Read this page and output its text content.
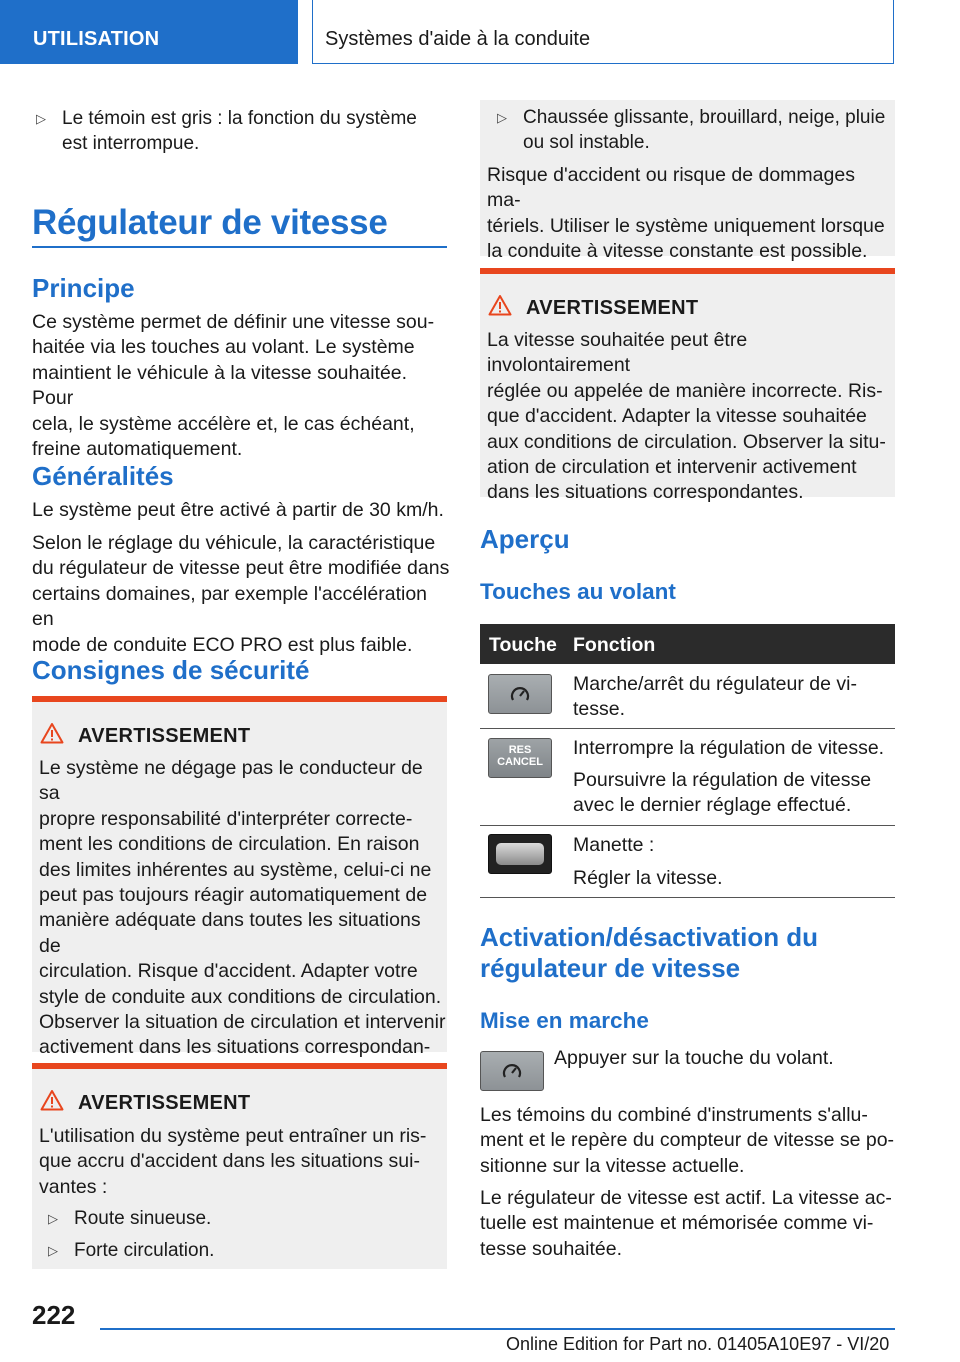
UTILISATION	Systèmes d'aide à la conduite
▷ Le témoin est gris : la fonction du système
est interrompue.
Régulateur de vitesse
Principe
Ce système permet de définir une vitesse sou-
haitée via les touches au volant. Le système
maintient le véhicule à la vitesse souhaitée. Pour
cela, le système accélère et, le cas échéant,
freine automatiquement.
Généralités
Le système peut être activé à partir de 30 km/h.
Selon le réglage du véhicule, la caractéristique
du régulateur de vitesse peut être modifiée dans
certains domaines, par exemple l'accélération en
mode de conduite ECO PRO est plus faible.
Consignes de sécurité
AVERTISSEMENT
Le système ne dégage pas le conducteur de sa
propre responsabilité d'interpréter correcte-
ment les conditions de circulation. En raison
des limites inhérentes au système, celui-ci ne
peut pas toujours réagir automatiquement de
manière adéquate dans toutes les situations de
circulation. Risque d'accident. Adapter votre
style de conduite aux conditions de circulation.
Observer la situation de circulation et intervenir
activement dans les situations correspondan-
AVERTISSEMENT
L'utilisation du système peut entraîner un ris-
que accru d'accident dans les situations sui-
vantes :
▷ Route sinueuse.
▷ Forte circulation.
▷ Chaussée glissante, brouillard, neige, pluie
ou sol instable.
Risque d'accident ou risque de dommages ma-
tériels. Utiliser le système uniquement lorsque
la conduite à vitesse constante est possible.
AVERTISSEMENT
La vitesse souhaitée peut être involontairement
réglée ou appelée de manière incorrecte. Ris-
que d'accident. Adapter la vitesse souhaitée
aux conditions de circulation. Observer la situ-
ation de circulation et intervenir activement
dans les situations correspondantes.
Aperçu
Touches au volant
Touche Fonction
Marche/arrêt du régulateur de vi-
tesse.
RES
CANCEL
Interrompre la régulation de vitesse.
Poursuivre la régulation de vitesse
avec le dernier réglage effectué.
Manette :
Régler la vitesse.
Activation/désactivation du
régulateur de vitesse
Mise en marche
Appuyer sur la touche du volant.
Les témoins du combiné d'instruments s'allu-
ment et le repère du compteur de vitesse se po-
sitionne sur la vitesse actuelle.
Le régulateur de vitesse est actif. La vitesse ac-
tuelle est maintenue et mémorisée comme vi-
tesse souhaitée.
222
Online Edition for Part no. 01405A10E97 - VI/20
